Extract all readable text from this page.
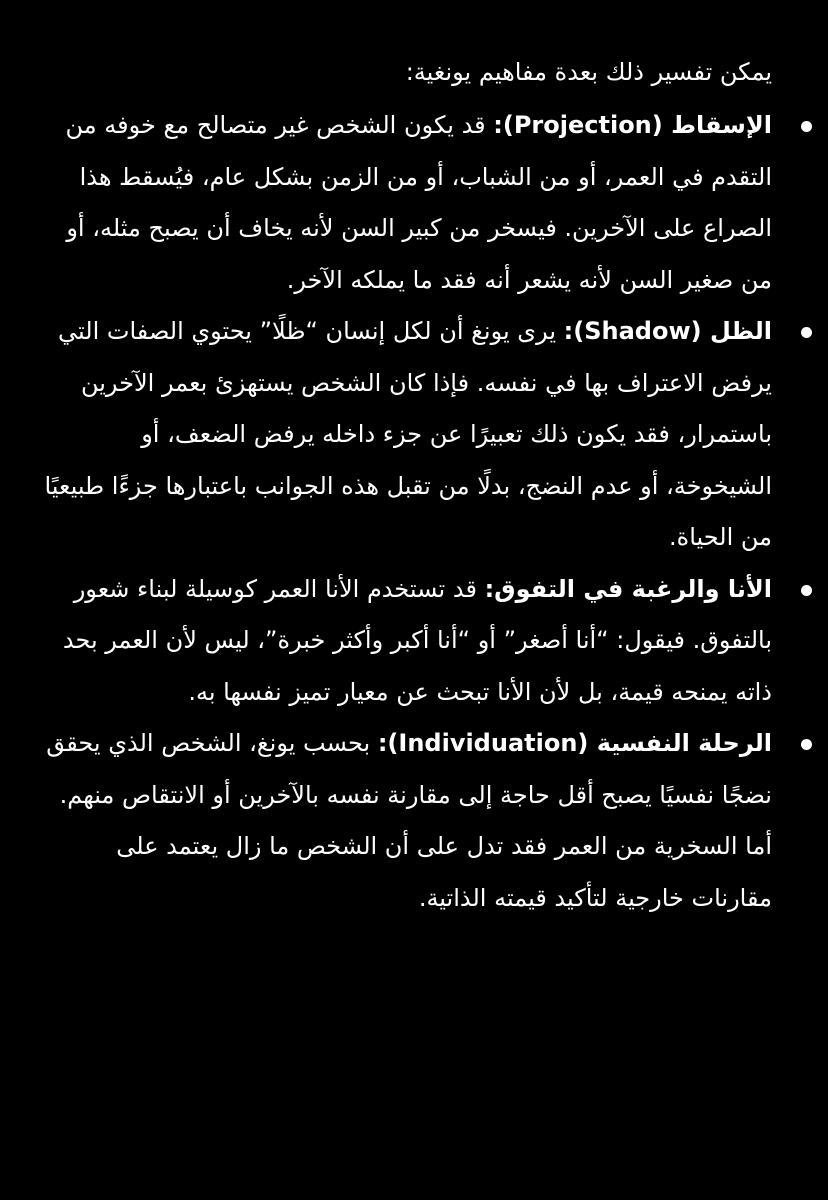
يمكن تفسير ذلك بعدة مفاهيم يونغية:

الإسقاط (Projection): قد يكون الشخص غير متصالح مع خوفه من التقدم في العمر، أو من الشباب، أو من الزمن بشكل عام، فيُسقط هذا الصراع على الآخرين. فيسخر من كبير السن لأنه يخاف أن يصبح مثله، أو من صغير السن لأنه يشعر أنه فقد ما يملكه الآخر.
الظل (Shadow): يرى يونغ أن لكل إنسان “ظلًا” يحتوي الصفات التي يرفض الاعتراف بها في نفسه. فإذا كان الشخص يستهزئ بعمر الآخرين باستمرار، فقد يكون ذلك تعبيرًا عن جزء داخله يرفض الضعف، أو الشيخوخة، أو عدم النضج، بدلًا من تقبل هذه الجوانب باعتبارها جزءًا طبيعيًا من الحياة.
الأنا والرغبة في التفوق: قد تستخدم الأنا العمر كوسيلة لبناء شعور بالتفوق. فيقول: “أنا أصغر” أو “أنا أكبر وأكثر خبرة”، ليس لأن العمر بحد ذاته يمنحه قيمة، بل لأن الأنا تبحث عن معيار تميز نفسها به.
الرحلة النفسية (Individuation): بحسب يونغ، الشخص الذي يحقق نضجًا نفسيًا يصبح أقل حاجة إلى مقارنة نفسه بالآخرين أو الانتقاص منهم. أما السخرية من العمر فقد تدل على أن الشخص ما زال يعتمد على مقارنات خارجية لتأكيد قيمته الذاتية.
